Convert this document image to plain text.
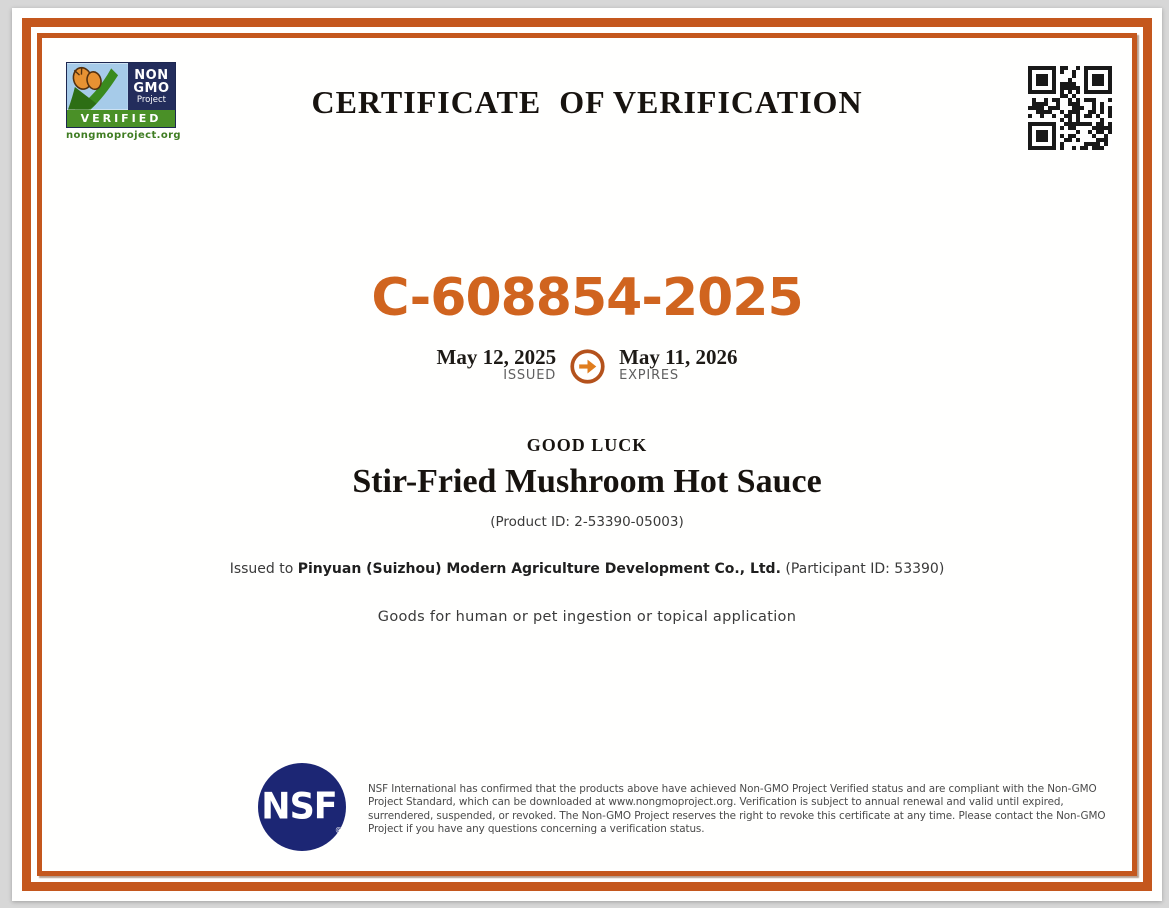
NON
GMO
Project
VERIFIED
nongmoproject.org
CERTIFICATE  OF VERIFICATION
C-608854-2025
May 12, 2025
ISSUED
May 11, 2026
EXPIRES
GOOD LUCK
Stir-Fried Mushroom Hot Sauce
(Product ID: 2-53390-05003)
Issued to Pinyuan (Suizhou) Modern Agriculture Development Co., Ltd. (Participant ID: 53390)
Goods for human or pet ingestion or topical application
NSF
®
NSF International has confirmed that the products above have achieved Non-GMO Project Verified status and are compliant with the Non-GMO Project Standard, which can be downloaded at www.nongmoproject.org. Verification is subject to annual renewal and valid until expired, surrendered, suspended, or revoked. The Non-GMO Project reserves the right to revoke this certificate at any time. Please contact the Non-GMO Project if you have any questions concerning a verification status.
